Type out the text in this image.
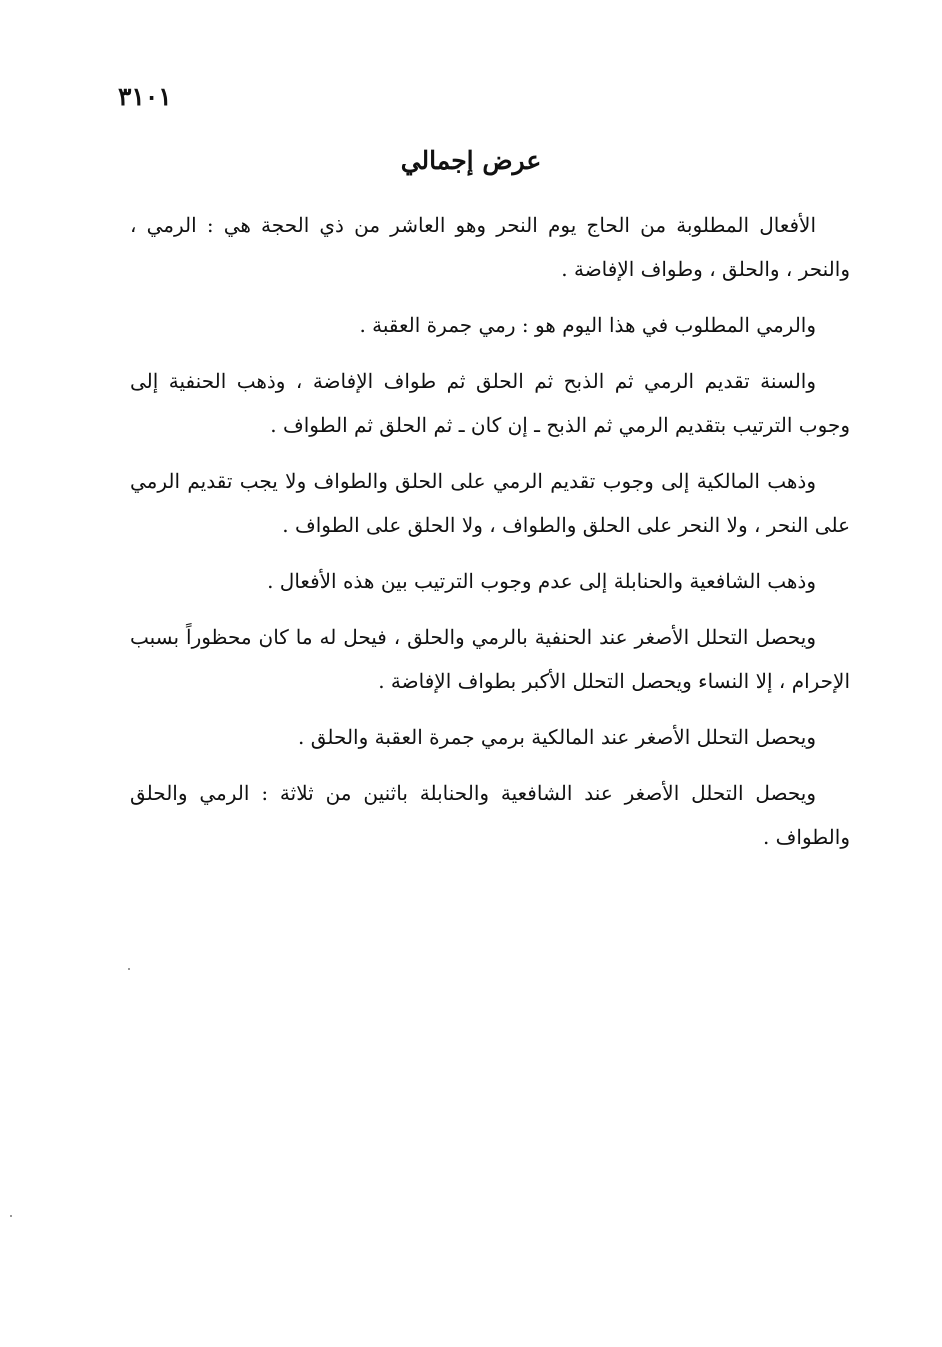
٣١٠١
عرض إجمالي

الأفعال المطلوبة من الحاج يوم النحر وهو العاشر من ذي الحجة هي : الرمي ، والنحر ، والحلق ، وطواف الإفاضة .

والرمي المطلوب في هذا اليوم هو : رمي جمرة العقبة .

والسنة تقديم الرمي ثم الذبح ثم الحلق ثم طواف الإفاضة ، وذهب الحنفية إلى وجوب الترتيب بتقديم الرمي ثم الذبح ـ إن كان ـ ثم الحلق ثم الطواف .

وذهب المالكية إلى وجوب تقديم الرمي على الحلق والطواف ولا يجب تقديم الرمي على النحر ، ولا النحر على الحلق والطواف ، ولا الحلق على الطواف .

وذهب الشافعية والحنابلة إلى عدم وجوب الترتيب بين هذه الأفعال .

ويحصل التحلل الأصغر عند الحنفية بالرمي والحلق ، فيحل له ما كان محظوراً بسبب الإحرام ، إلا النساء ويحصل التحلل الأكبر بطواف الإفاضة .

ويحصل التحلل الأصغر عند المالكية برمي جمرة العقبة والحلق .

ويحصل التحلل الأصغر عند الشافعية والحنابلة باثنين من ثلاثة : الرمي والحلق والطواف .
